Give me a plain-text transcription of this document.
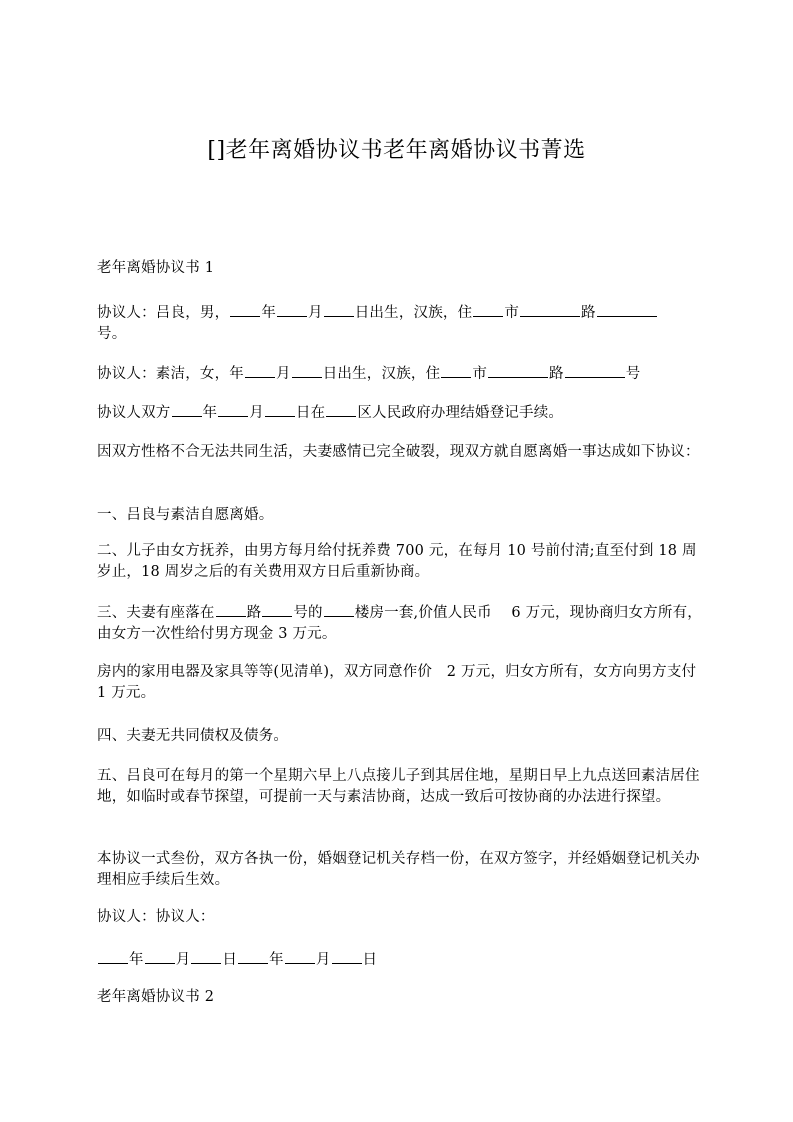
[]老年离婚协议书老年离婚协议书菁选

老年离婚协议书 1

协议人：吕良，男， 年 月 日出生，汉族，住 市	路
号。

协议人：素洁，女，年 月 日出生，汉族，住 市	路	号

协议人双方 年 月 日在 区人民政府办理结婚登记手续。

因双方性格不合无法共同生活，夫妻感情已完全破裂，现双方就自愿离婚一事达成如下协议：

一、吕良与素洁自愿离婚。

二、儿子由女方抚养，由男方每月给付抚养费 700 元，在每月 10 号前付清;直至付到 18 周岁止，18 周岁之后的有关费用双方日后重新协商。

三、夫妻有座落在 路 号的 楼房一套,价值人民币　 6 万元，现协商归女方所有，由女方一次性给付男方现金 3 万元。

房内的家用电器及家具等等(见清单)，双方同意作价　2 万元，归女方所有，女方向男方支付 1 万元。

四、夫妻无共同债权及债务。

五、吕良可在每月的第一个星期六早上八点接儿子到其居住地，星期日早上九点送回素洁居住地，如临时或春节探望，可提前一天与素洁协商，达成一致后可按协商的办法进行探望。

本协议一式叁份，双方各执一份，婚姻登记机关存档一份，在双方签字，并经婚姻登记机关办理相应手续后生效。

协议人：协议人：

年 月 日 年 月 日

老年离婚协议书 2
